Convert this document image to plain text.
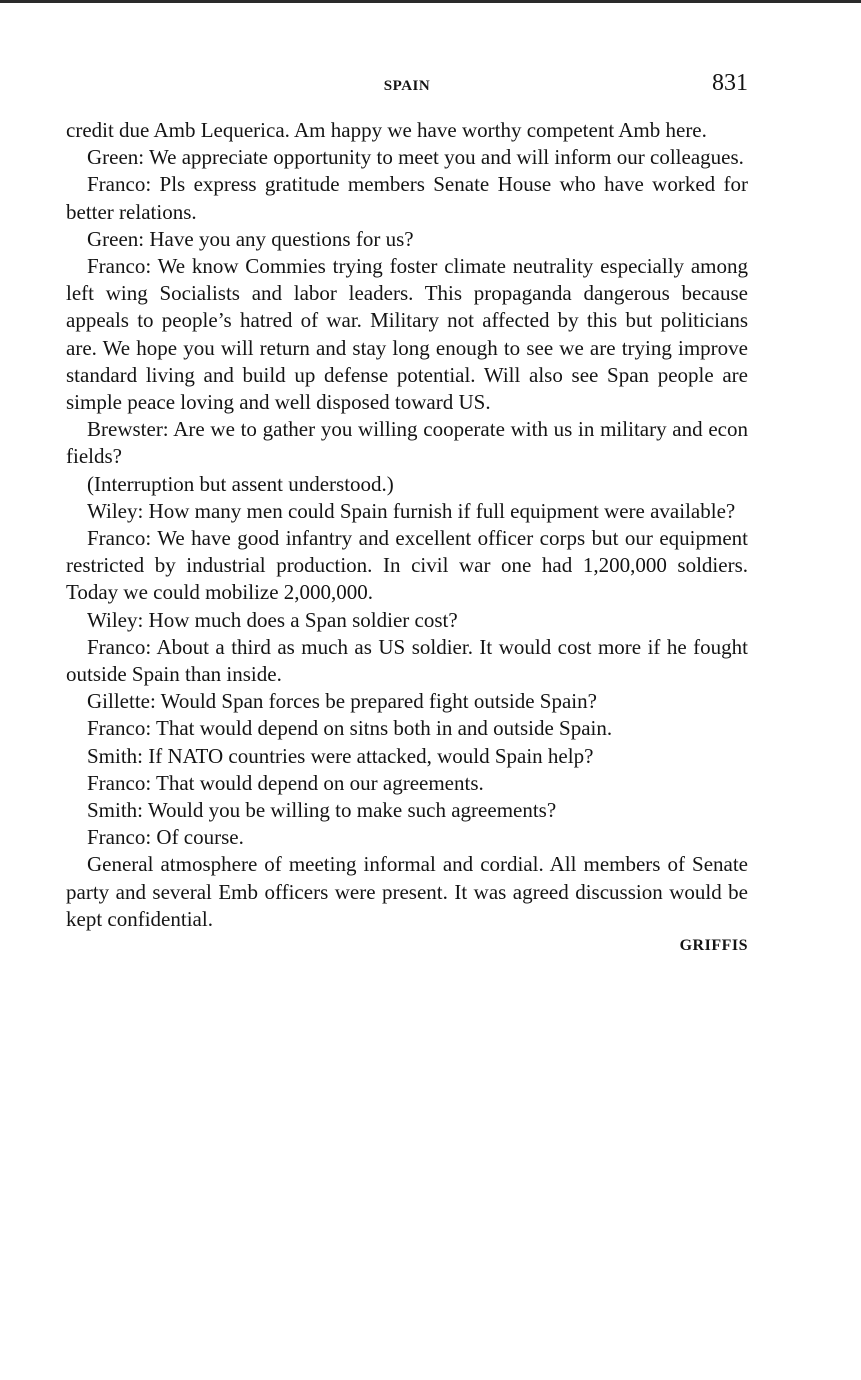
SPAIN	831

credit due Amb Lequerica. Am happy we have worthy competent Amb here.

Green: We appreciate opportunity to meet you and will inform our colleagues.

Franco: Pls express gratitude members Senate House who have worked for better relations.

Green: Have you any questions for us?

Franco: We know Commies trying foster climate neutrality especially among left wing Socialists and labor leaders. This propaganda dangerous because appeals to people’s hatred of war. Military not affected by this but politicians are. We hope you will return and stay long enough to see we are trying improve standard living and build up defense potential. Will also see Span people are simple peace loving and well disposed toward US.

Brewster: Are we to gather you willing cooperate with us in military and econ fields?

(Interruption but assent understood.)

Wiley: How many men could Spain furnish if full equipment were available?

Franco: We have good infantry and excellent officer corps but our equipment restricted by industrial production. In civil war one had 1,200,000 soldiers. Today we could mobilize 2,000,000.

Wiley: How much does a Span soldier cost?

Franco: About a third as much as US soldier. It would cost more if he fought outside Spain than inside.

Gillette: Would Span forces be prepared fight outside Spain?

Franco: That would depend on sitns both in and outside Spain.

Smith: If NATO countries were attacked, would Spain help?

Franco: That would depend on our agreements.

Smith: Would you be willing to make such agreements?

Franco: Of course.

General atmosphere of meeting informal and cordial. All members of Senate party and several Emb officers were present. It was agreed discussion would be kept confidential.

GRIFFIS
